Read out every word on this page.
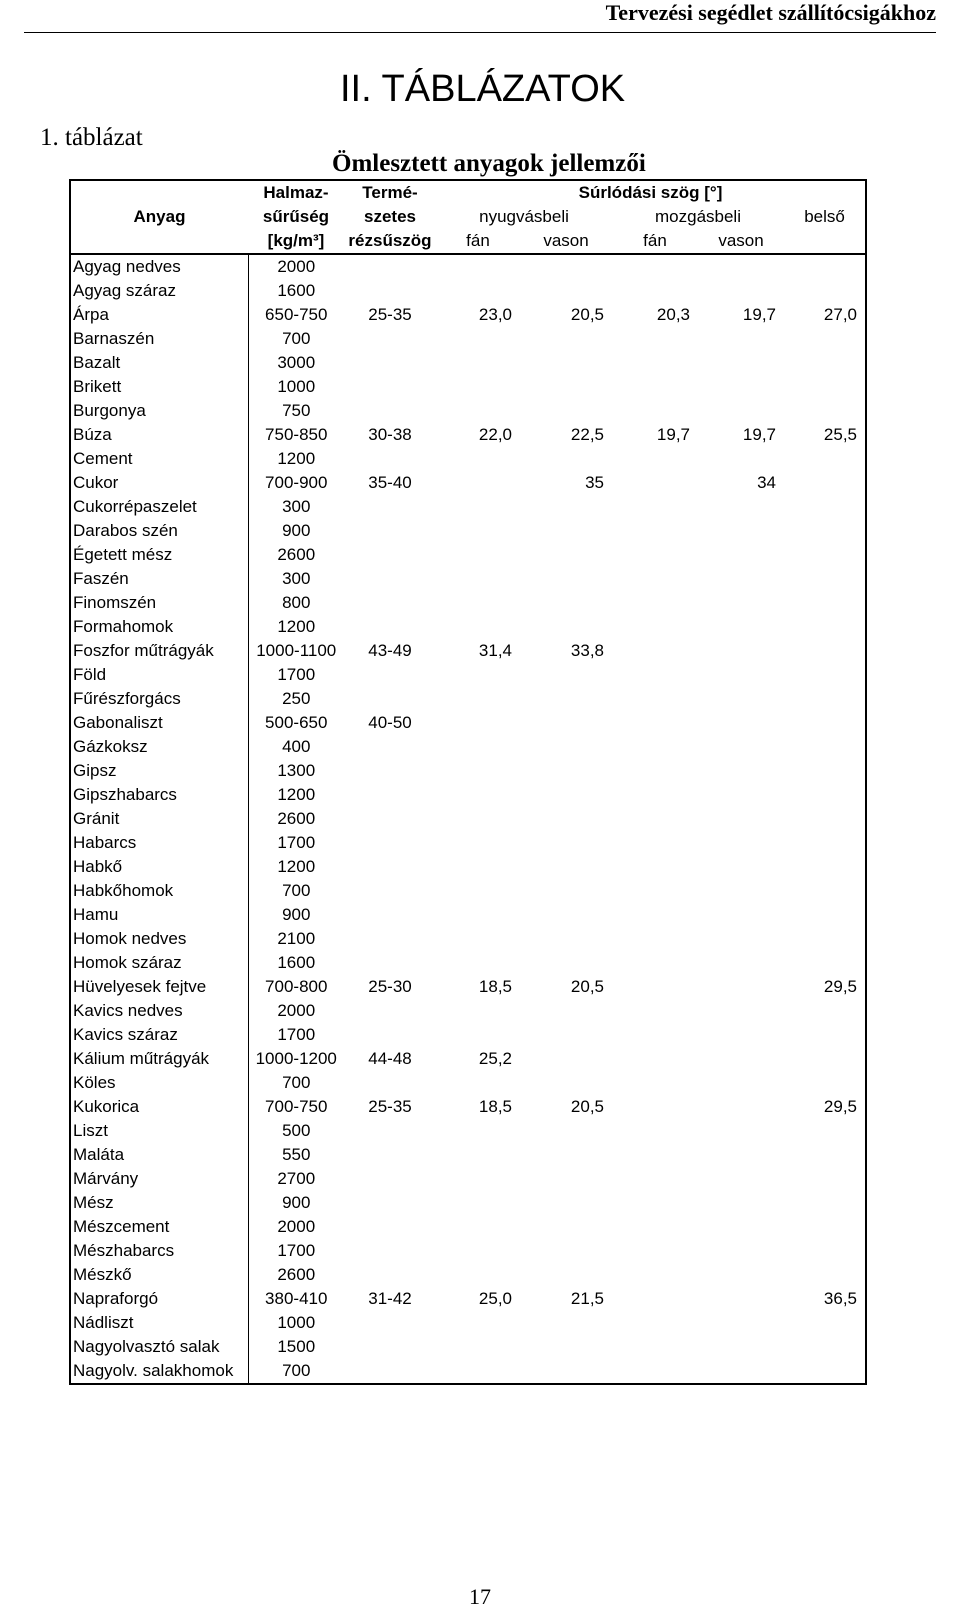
Tervezési segédlet szállítócsigákhoz
II. TÁBLÁZATOK
1. táblázat
Ömlesztett anyagok jellemzői
	Halmaz-	Termé-	Súrlódási szög [°]				
Anyag	sűrűség	szetes	nyugvásbeli		mozgásbeli		belső
	[kg/m³]	rézsűszög	fán	vason	fán	vason	
Agyag nedves	2000						
Agyag száraz	1600						
Árpa	650-750	25-35	23,0	20,5	20,3	19,7	27,0
Barnaszén	700						
Bazalt	3000						
Brikett	1000						
Burgonya	750						
Búza	750-850	30-38	22,0	22,5	19,7	19,7	25,5
Cement	1200						
Cukor	700-900	35-40		35		34	
Cukorrépaszelet	300						
Darabos szén	900						
Égetett mész	2600						
Faszén	300						
Finomszén	800						
Formahomok	1200						
Foszfor műtrágyák	1000-1100	43-49	31,4	33,8			
Föld	1700						
Fűrészforgács	250						
Gabonaliszt	500-650	40-50					
Gázkoksz	400						
Gipsz	1300						
Gipszhabarcs	1200						
Gránit	2600						
Habarcs	1700						
Habkő	1200						
Habkőhomok	700						
Hamu	900						
Homok nedves	2100						
Homok száraz	1600						
Hüvelyesek fejtve	700-800	25-30	18,5	20,5			29,5
Kavics nedves	2000						
Kavics száraz	1700						
Kálium műtrágyák	1000-1200	44-48	25,2				
Köles	700						
Kukorica	700-750	25-35	18,5	20,5			29,5
Liszt	500						
Maláta	550						
Márvány	2700						
Mész	900						
Mészcement	2000						
Mészhabarcs	1700						
Mészkő	2600						
Napraforgó	380-410	31-42	25,0	21,5			36,5
Nádliszt	1000						
Nagyolvasztó salak	1500						
Nagyolv. salakhomok	700						
17
